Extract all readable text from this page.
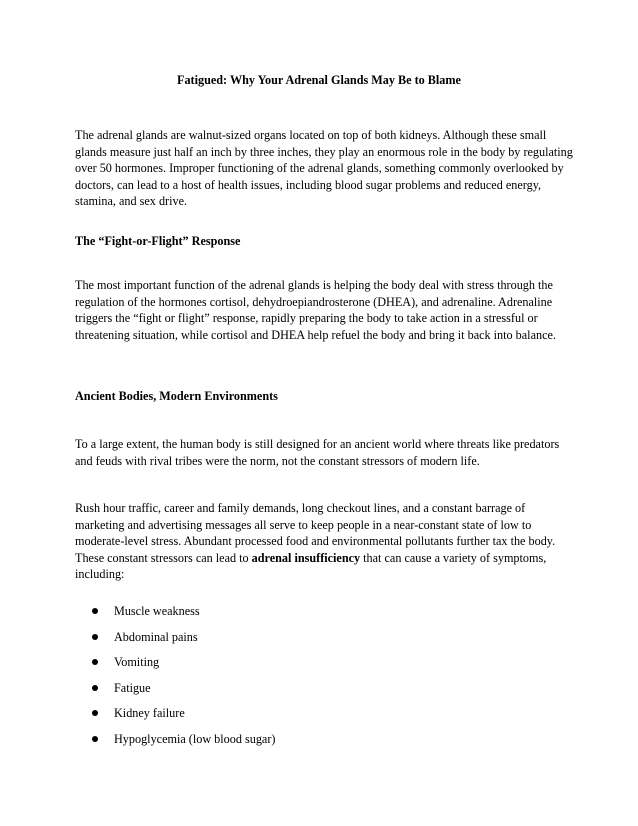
Fatigued: Why Your Adrenal Glands May Be to Blame

The adrenal glands are walnut-sized organs located on top of both kidneys. Although these small glands measure just half an inch by three inches, they play an enormous role in the body by regulating over 50 hormones. Improper functioning of the adrenal glands, something commonly overlooked by doctors, can lead to a host of health issues, including blood sugar problems and reduced energy, stamina, and sex drive.

The “Fight-or-Flight” Response

The most important function of the adrenal glands is helping the body deal with stress through the regulation of the hormones cortisol, dehydroepiandrosterone (DHEA), and adrenaline. Adrenaline triggers the “fight or flight” response, rapidly preparing the body to take action in a stressful or threatening situation, while cortisol and DHEA help refuel the body and bring it back into balance.

Ancient Bodies, Modern Environments

To a large extent, the human body is still designed for an ancient world where threats like predators and feuds with rival tribes were the norm, not the constant stressors of modern life.

Rush hour traffic, career and family demands, long checkout lines, and a constant barrage of marketing and advertising messages all serve to keep people in a near-constant state of low to moderate-level stress. Abundant processed food and environmental pollutants further tax the body. These constant stressors can lead to adrenal insufficiency that can cause a variety of symptoms, including:

Muscle weakness
Abdominal pains
Vomiting
Fatigue
Kidney failure
Hypoglycemia (low blood sugar)
